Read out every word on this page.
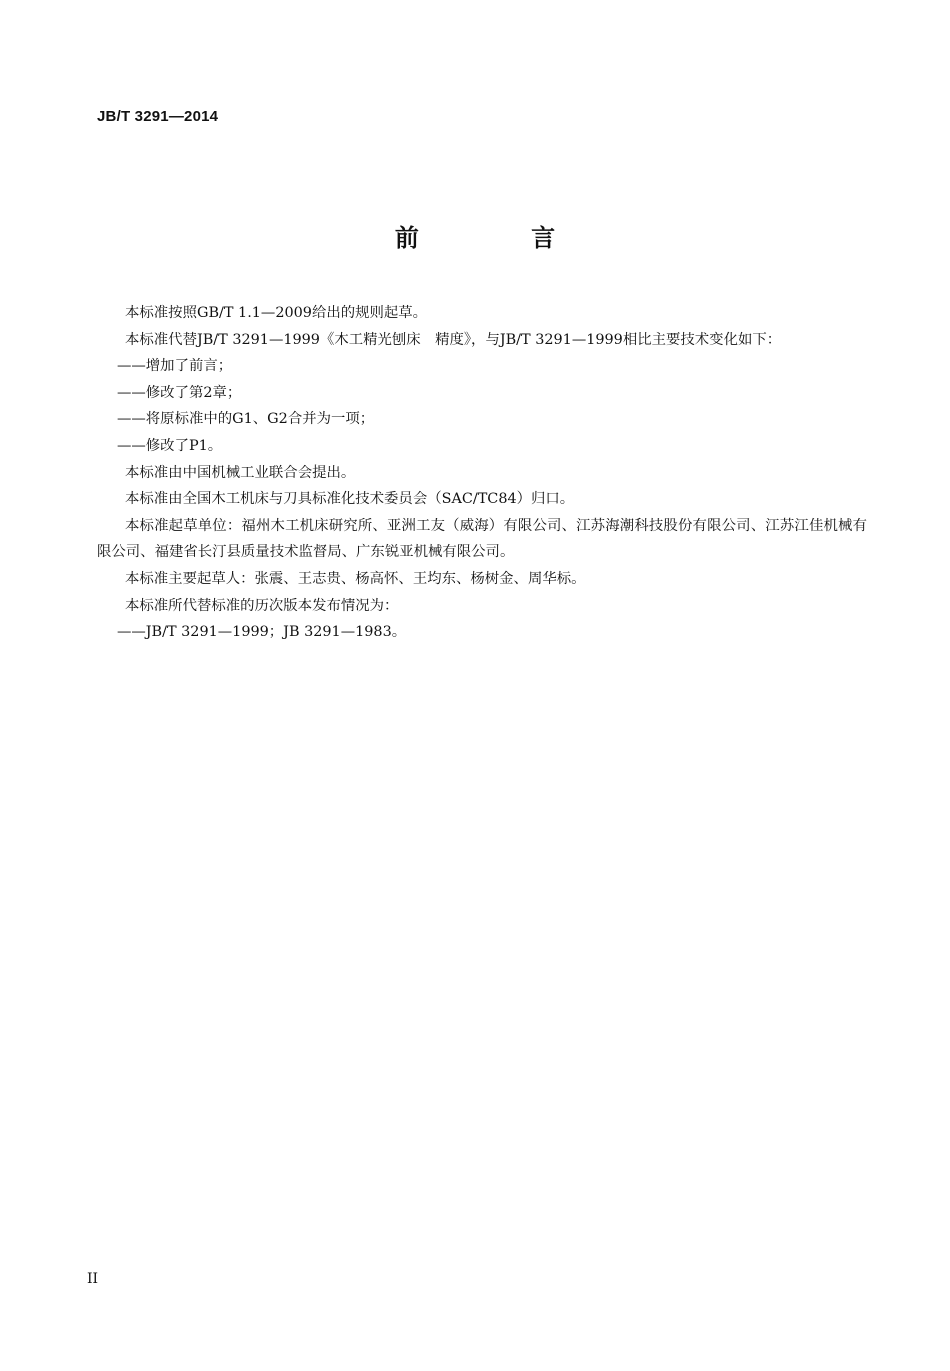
JB/T 3291—2014
前 言

本标准按照GB/T 1.1—2009给出的规则起草。

本标准代替JB/T 3291—1999《木工精光刨床　精度》，与JB/T 3291—1999相比主要技术变化如下：

——增加了前言；

——修改了第2章；

——将原标准中的G1、G2合并为一项；

——修改了P1。

本标准由中国机械工业联合会提出。

本标准由全国木工机床与刀具标准化技术委员会（SAC/TC84）归口。

本标准起草单位：福州木工机床研究所、亚洲工友（威海）有限公司、江苏海潮科技股份有限公司、江苏江佳机械有限公司、福建省长汀县质量技术监督局、广东锐亚机械有限公司。

本标准主要起草人：张震、王志贵、杨高怀、王均东、杨树金、周华标。

本标准所代替标准的历次版本发布情况为：

——JB/T 3291—1999；JB 3291—1983。

II
